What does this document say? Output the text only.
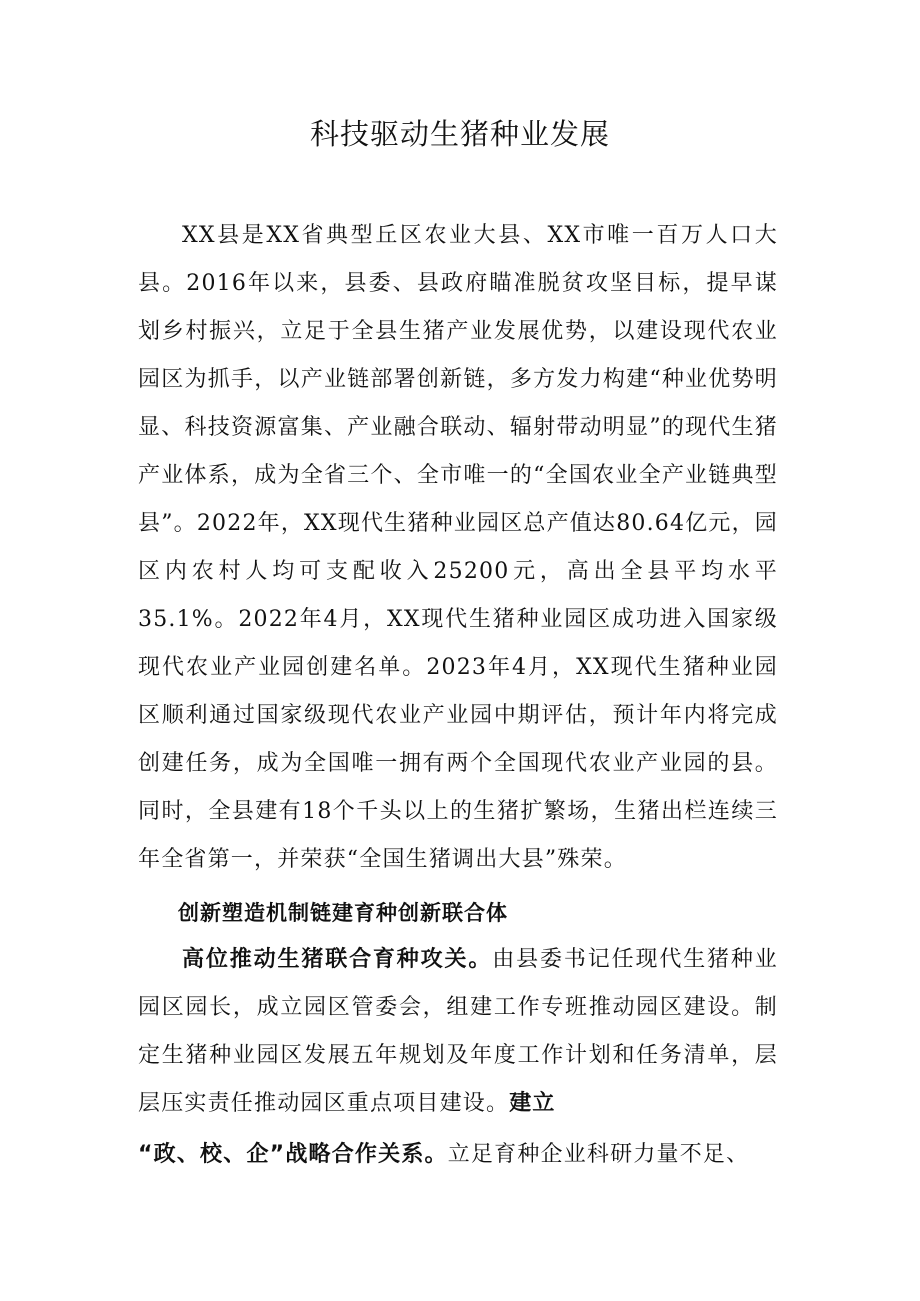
科技驱动生猪种业发展

XX县是XX省典型丘区农业大县、XX市唯一百万人口大县。2016年以来，县委、县政府瞄准脱贫攻坚目标，提早谋划乡村振兴，立足于全县生猪产业发展优势，以建设现代农业园区为抓手，以产业链部署创新链，多方发力构建“种业优势明显、科技资源富集、产业融合联动、辐射带动明显”的现代生猪产业体系，成为全省三个、全市唯一的“全国农业全产业链典型县”。2022年，XX现代生猪种业园区总产值达80.64亿元，园区内农村人均可支配收入25200元，高出全县平均水平35.1%。2022年4月，XX现代生猪种业园区成功进入国家级现代农业产业园创建名单。2023年4月，XX现代生猪种业园区顺利通过国家级现代农业产业园中期评估，预计年内将完成创建任务，成为全国唯一拥有两个全国现代农业产业园的县。同时，全县建有18个千头以上的生猪扩繁场，生猪出栏连续三年全省第一，并荣获“全国生猪调出大县”殊荣。

创新塑造机制链建育种创新联合体

高位推动生猪联合育种攻关。由县委书记任现代生猪种业园区园长，成立园区管委会，组建工作专班推动园区建设。制定生猪种业园区发展五年规划及年度工作计划和任务清单，层层压实责任推动园区重点项目建设。建立

“政、校、企”战略合作关系。立足育种企业科研力量不足、
